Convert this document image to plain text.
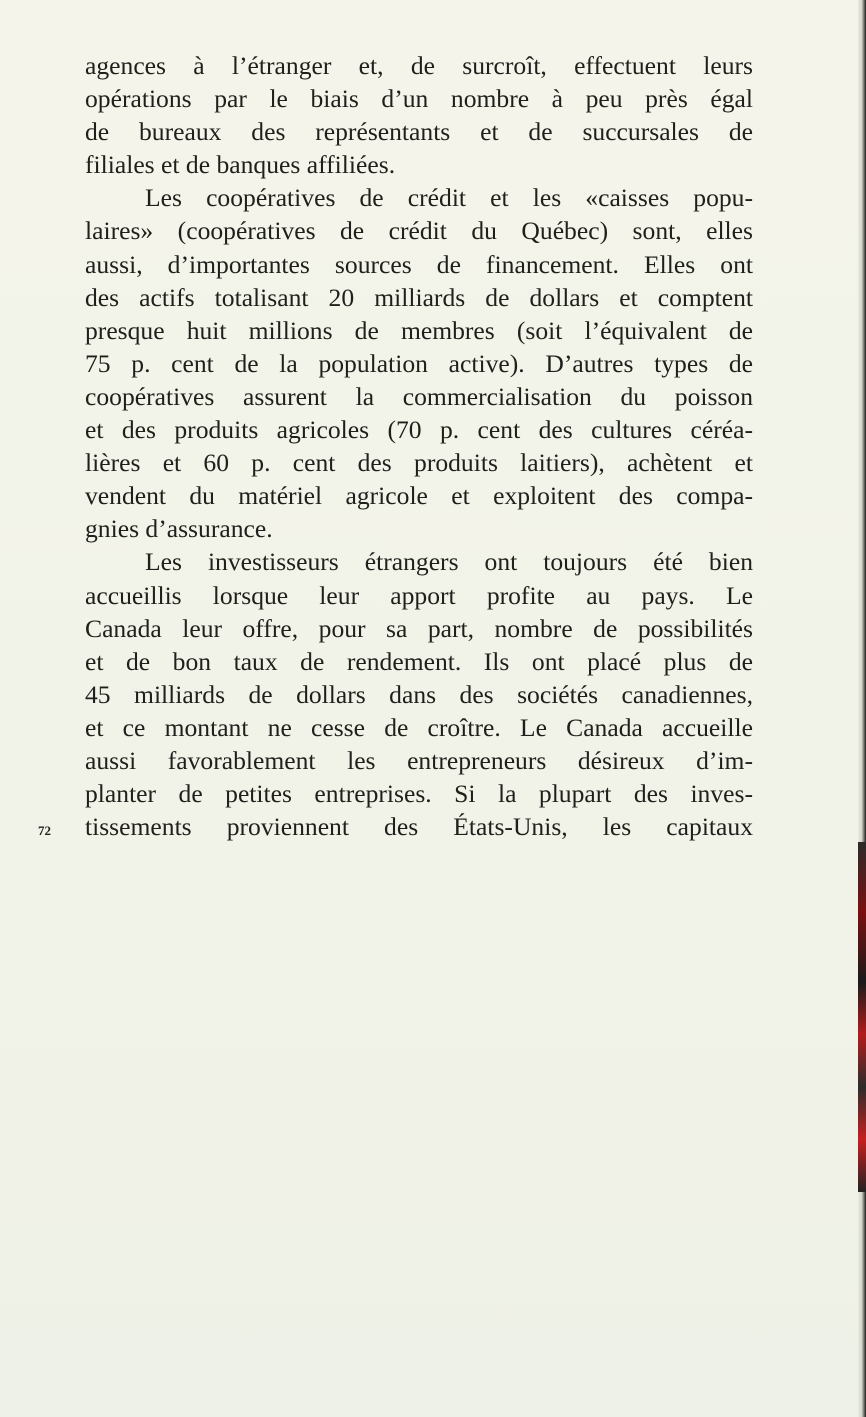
agences à l’étranger et, de surcroît, effectuent leurs
opérations par le biais d’un nombre à peu près égal
de bureaux des représentants et de succursales de
filiales et de banques affiliées.
Les coopératives de crédit et les «caisses popu-
laires» (coopératives de crédit du Québec) sont, elles
aussi, d’importantes sources de financement. Elles ont
des actifs totalisant 20 milliards de dollars et comptent
presque huit millions de membres (soit l’équivalent de
75 p. cent de la population active). D’autres types de
coopératives assurent la commercialisation du poisson
et des produits agricoles (70 p. cent des cultures céréa-
lières et 60 p. cent des produits laitiers), achètent et
vendent du matériel agricole et exploitent des compa-
gnies d’assurance.
Les investisseurs étrangers ont toujours été bien
accueillis lorsque leur apport profite au pays. Le
Canada leur offre, pour sa part, nombre de possibilités
et de bon taux de rendement. Ils ont placé plus de
45 milliards de dollars dans des sociétés canadiennes,
et ce montant ne cesse de croître. Le Canada accueille
aussi favorablement les entrepreneurs désireux d’im-
planter de petites entreprises. Si la plupart des inves-
tissements proviennent des États-Unis, les capitaux
72
